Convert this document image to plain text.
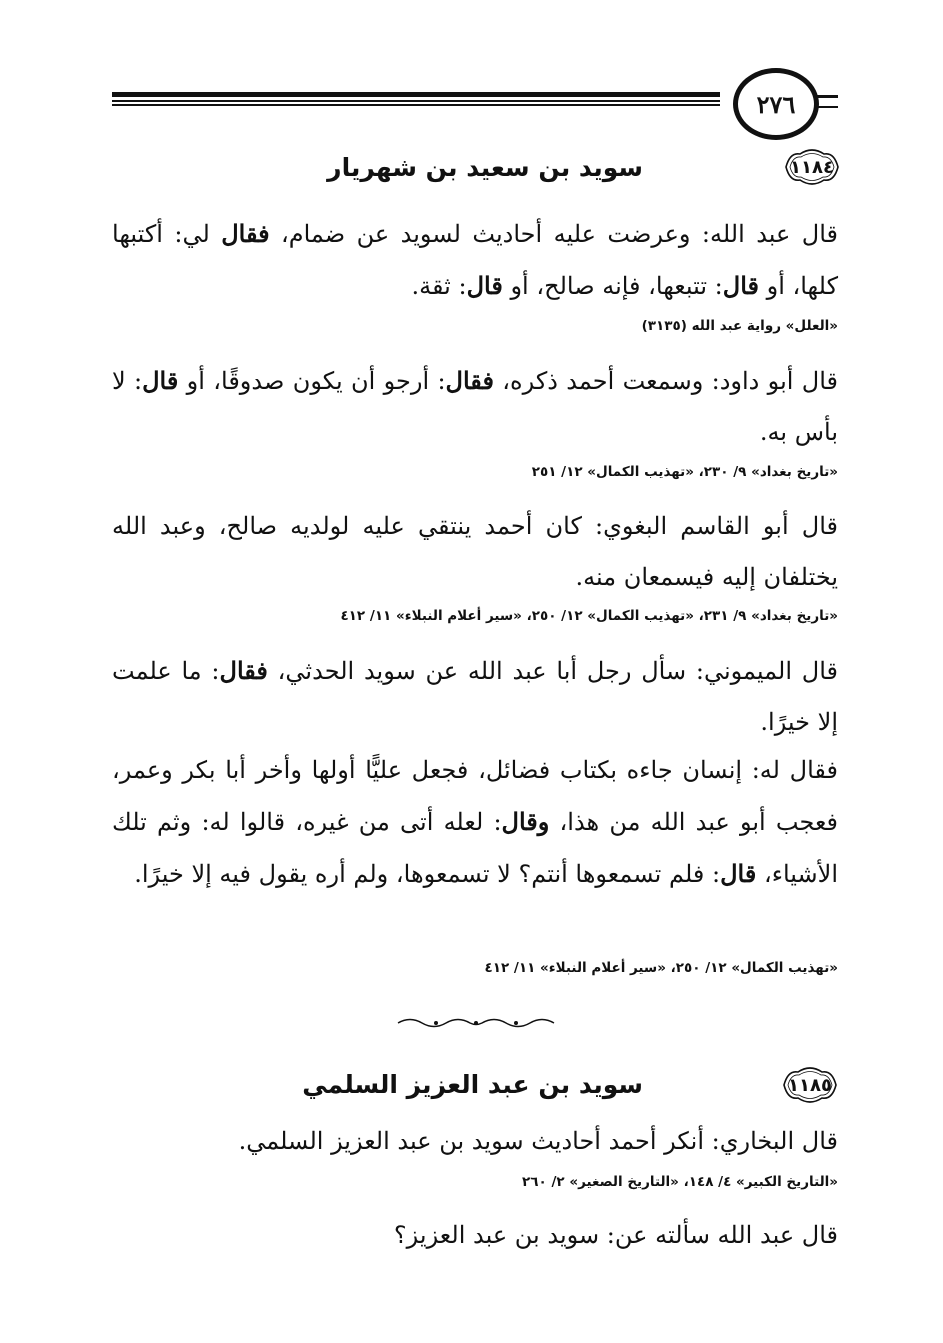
٢٧٦
١١٨٤
سويد بن سعيد بن شهريار

قال عبد الله: وعرضت عليه أحاديث لسويد عن ضمام، فقال لي: أكتبها كلها، أو قال: تتبعها، فإنه صالح، أو قال: ثقة.

«العلل» رواية عبد الله (٣١٣٥)

قال أبو داود: وسمعت أحمد ذكره، فقال: أرجو أن يكون صدوقًا، أو قال: لا بأس به.

«تاريخ بغداد» ٩/ ٢٣٠، «تهذيب الكمال» ١٢/ ٢٥١

قال أبو القاسم البغوي: كان أحمد ينتقي عليه لولديه صالح، وعبد الله يختلفان إليه فيسمعان منه.

«تاريخ بغداد» ٩/ ٢٣١، «تهذيب الكمال» ١٢/ ٢٥٠، «سير أعلام النبلاء» ١١/ ٤١٢

قال الميموني: سأل رجل أبا عبد الله عن سويد الحدثي، فقال: ما علمت إلا خيرًا.

فقال له: إنسان جاءه بكتاب فضائل، فجعل عليًّا أولها وأخر أبا بكر وعمر، فعجب أبو عبد الله من هذا، وقال: لعله أتى من غيره، قالوا له: وثم تلك الأشياء، قال: فلم تسمعوها أنتم؟ لا تسمعوها، ولم أره يقول فيه إلا خيرًا.

«تهذيب الكمال» ١٢/ ٢٥٠، «سير أعلام النبلاء» ١١/ ٤١٢
١١٨٥
سويد بن عبد العزيز السلمي

قال البخاري: أنكر أحمد أحاديث سويد بن عبد العزيز السلمي.

«التاريخ الكبير» ٤/ ١٤٨، «التاريخ الصغير» ٢/ ٢٦٠

قال عبد الله سألته عن: سويد بن عبد العزيز؟
